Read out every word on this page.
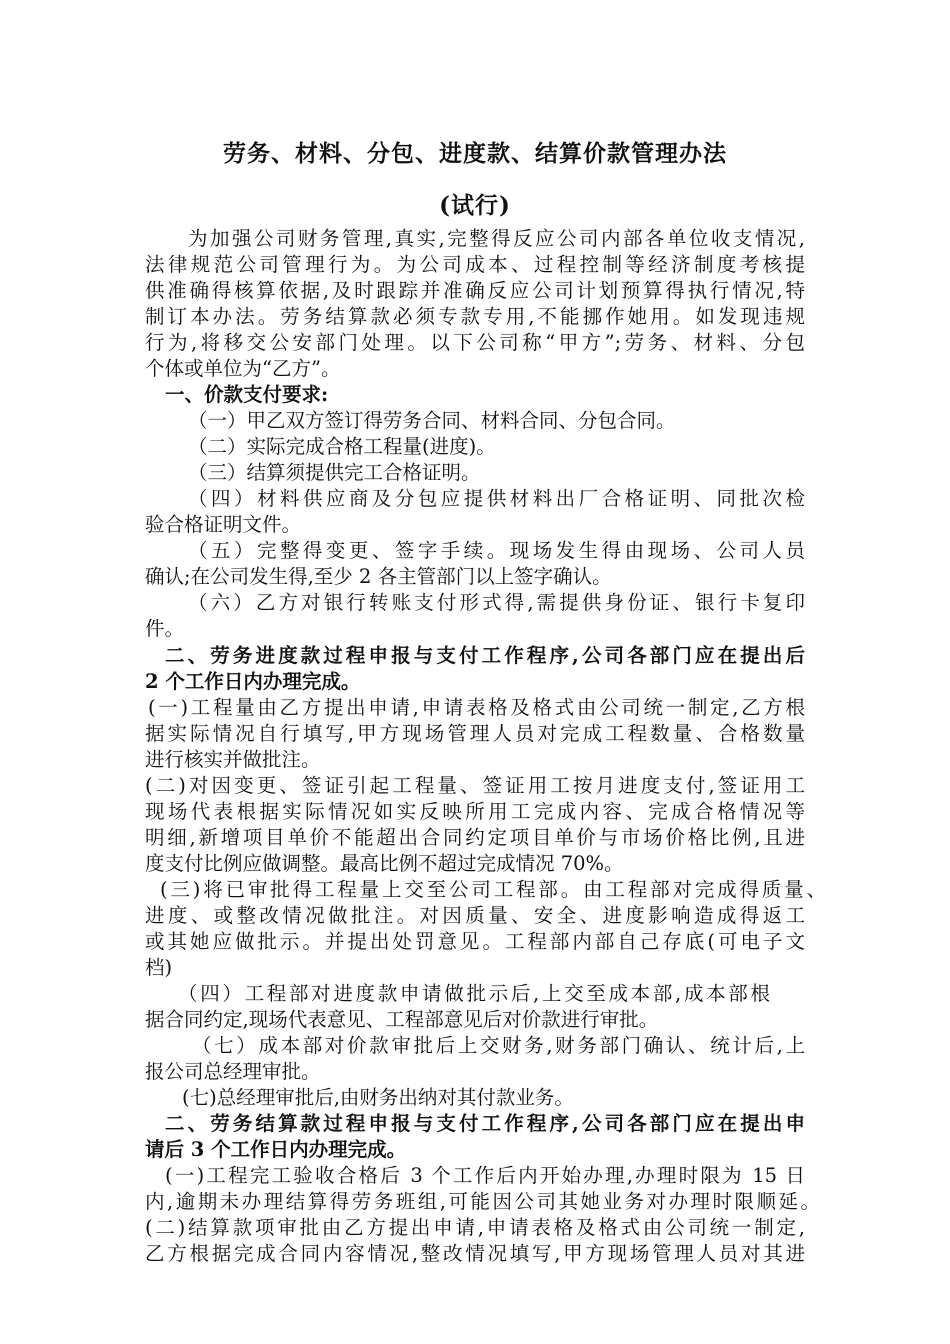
劳务、材料、分包、进度款、结算价款管理办法
(试行)
为加强公司财务管理,真实,完整得反应公司内部各单位收支情况,
法律规范公司管理行为。为公司成本、过程控制等经济制度考核提
供准确得核算依据,及时跟踪并准确反应公司计划预算得执行情况,特
制订本办法。劳务结算款必须专款专用,不能挪作她用。如发现违规
行为,将移交公安部门处理。以下公司称“甲方”;劳务、材料、分包
个体或单位为“乙方”。
一、价款支付要求:
（一）甲乙双方签订得劳务合同、材料合同、分包合同。
（二）实际完成合格工程量(进度)。
（三）结算须提供完工合格证明。
（四）材料供应商及分包应提供材料出厂合格证明、同批次检
验合格证明文件。
（五）完整得变更、签字手续。现场发生得由现场、公司人员
确认;在公司发生得,至少 2 各主管部门以上签字确认。
（六）乙方对银行转账支付形式得,需提供身份证、银行卡复印
件。
二、劳务进度款过程申报与支付工作程序,公司各部门应在提出后
2 个工作日内办理完成。
(一)工程量由乙方提出申请,申请表格及格式由公司统一制定,乙方根
据实际情况自行填写,甲方现场管理人员对完成工程数量、合格数量
进行核实并做批注。
(二)对因变更、签证引起工程量、签证用工按月进度支付,签证用工
现场代表根据实际情况如实反映所用工完成内容、完成合格情况等
明细,新增项目单价不能超出合同约定项目单价与市场价格比例,且进
度支付比例应做调整。最高比例不超过完成情况 70%。
(三)将已审批得工程量上交至公司工程部。由工程部对完成得质量、
进度、或整改情况做批注。对因质量、安全、进度影响造成得返工
或其她应做批示。并提出处罚意见。工程部内部自己存底(可电子文
档)
（四）工程部对进度款申请做批示后,上交至成本部,成本部根
据合同约定,现场代表意见、工程部意见后对价款进行审批。
（七）成本部对价款审批后上交财务,财务部门确认、统计后,上
报公司总经理审批。
(七)总经理审批后,由财务出纳对其付款业务。
二、劳务结算款过程申报与支付工作程序,公司各部门应在提出申
请后 3 个工作日内办理完成。
(一)工程完工验收合格后 3 个工作后内开始办理,办理时限为 15 日
内,逾期未办理结算得劳务班组,可能因公司其她业务对办理时限顺延。
(二)结算款项审批由乙方提出申请,申请表格及格式由公司统一制定,
乙方根据完成合同内容情况,整改情况填写,甲方现场管理人员对其进
